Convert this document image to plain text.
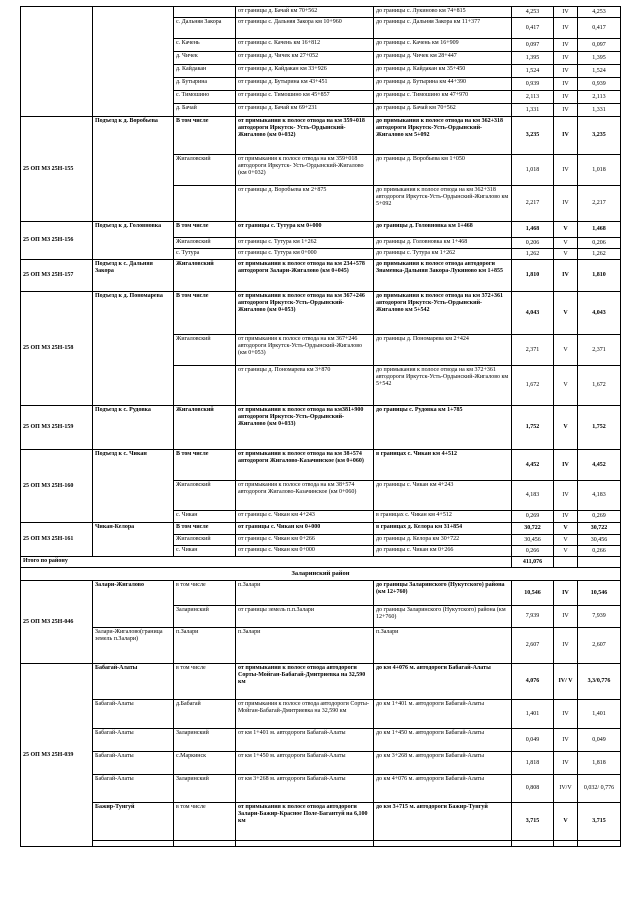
			от границы д. Бачай км 70+562	до границы с. Лукиново км 74+815	4,253	IV	4,253
		с. Дальняя Закора	от границы с. Дальняя Закора км 10+960	до границы с. Дальняя Закора км 11+377	0,417	IV	0,417
		с. Качень	от границы с. Качень км 16+812	до границы с. Качень км 16+909	0,097	IV	0,097
		д. Чичек	от границы д. Чичек км 27+052	до границы д. Чичек км 28+447	1,395	IV	1,395
		д. Кайдакан	от границы д. Кайдакан км 33+926	до границы д. Кайдакан км 35+450	1,524	IV	1,524
		д. Бутырина	от границы д. Бутырина км 43+451	до границы д. Бутырина км 44+390	0,939	IV	0,939
		с. Тимошино	от границы с. Тимошино км 45+857	до границы с. Тимошино км 47+970	2,113	IV	2,113
		д. Бачай	от границы д. Бачай км 69+231	до границы д. Бачай км 70+562	1,331	IV	1,331
25 ОП МЗ 25Н-155	Подъезд к д. Воробьева	В том числе	от примыкания к полосе отвода на км 359+018 автодороги Иркутск- Усть-Ордынский-Жигалово (км 0+032)	до примыкания к полосе отвода на км 362+318 автодороги Иркутск-Усть-Ордынский-Жигалово км 5+092	3,235	IV	3,235
		Жигаловский	от примыкания к полосе отвода на км 359+018 автодороги Иркутск- Усть-Ордынский-Жигалово (км 0+032)	до границы д. Воробьева км 1+050	1,018	IV	1,018
			от границы д. Воробьева км 2+875	до примыкания к полосе отвода на км 362+318 автодороги Иркутск-Усть-Ордынский-Жигалово км 5+092	2,217	IV	2,217
25 ОП МЗ 25Н-156	Подъезд к д. Головновка	В том числе	от границы с. Тутура км 0+000	до границы д. Головновка км 1+468	1,468	V	1,468
		Жигаловский	от границы с. Тутура км 1+262	до границы д. Головновка км 1+468	0,206	V	0,206
		с. Тутура	от границы с. Тутура км 0+000	до границы с. Тутура км 1+262	1,262	V	1,262
25 ОП МЗ 25Н-157	Подъезд к с. Дальняя Закора	Жигаловский	от примыкания к полосе отвода на км 234+578 автодороги Залари-Жигалово (км 0+045)	до примыкания к полосе отвода автодороги Знаменка-Дальняя Закора-Лукиново км 1+855	1,810	IV	1,810
25 ОП МЗ 25Н-158	Подъезд к д. Пономарева	В том числе	от примыкания к полосе отвода на км 367+246 автодороги Иркутск-Усть-Ордынский-Жигалово (км 0+053)	до примыкания к полосе отвода на км 372+361 автодороги Иркутск-Усть-Ордынский-Жигалово км 5+542	4,043	V	4,043
		Жигаловский	от примыкания к полосе отвода на км 367+246 автодороги Иркутск-Усть-Ордынский-Жигалово (км 0+053)	до границы д. Пономарева км 2+424	2,371	V	2,371
			от границы д. Пономарева км 3+870	до примыкания к полосе отвода на км 372+361 автодороги Иркутск-Усть-Ордынский-Жигалово км 5+542	1,672	V	1,672
25 ОП МЗ 25Н-159	Подъезд к с. Рудовка	Жигаловский	от примыкания к полосе отвода на км381+900 автодороги Иркутск-Усть-Ордынский-Жигалово (км 0+033)	до границы с. Рудовка км 1+785	1,752	V	1,752
25 ОП МЗ 25Н-160	Подъезд к с. Чикан	В том числе	от примыкания к полосе отвода на км 38+574 автодороги Жигалово-Казачинское (км 0+060)	в границах с. Чикан км 4+512	4,452	IV	4,452
		Жигаловский	от примыкания к полосе отвода на км 38+574 автодороги Жигалово-Казачинское (км 0+060)	до границы с. Чикан км 4+243	4,183	IV	4,183
		с. Чикан	от границы с. Чикан км 4+243	в границах с. Чикан км 4+512	0,269	IV	0,269
25 ОП МЗ 25Н-161	Чикан-Келора	В том числе	от границы с. Чикан км 0+000	в границах д. Келора км 31+854	30,722	V	30,722
		Жигаловский	от границы с. Чикан км 0+266	до границы д. Келора км 30+722	30,456	V	30,456
		с. Чикан	от границы с. Чикан км 0+000	до границы с. Чикан км 0+266	0,266	V	0,266
Итого по району					411,076		
Заларинский район							
25 ОП МЗ 25Н-046	Залари-Жигалово	в том числе	п.Залари	до границы Заларинского (Нукутского) района (км 12+760)	10,546	IV	10,546
		Заларинский	от границы земель п.п.Залари	до границы Заларинского (Нукутского) района (км 12+760)	7,939	IV	7,939
	Залари-Жигалово(граница земель п.Залари)	п.Залари	п.Залари	п.Залари	2,607	IV	2,607
25 ОП МЗ 25Н-039	Бабагай-Алаты	в том числе	от примыкания к полосе отвода автодороги Сорты-Мойган-Бабагай-Дмитриевка на 32,590 км	до км 4+076 м. автодороги Бабагай-Алаты	4,076	IV/ V	3,3/0,776
	Бабагай-Алаты	д.Бабагай	от примыкания к полосе отвода автодороги Сорты-Мойган-Бабагай-Дмитриевка на 32,590 км	до км 1+401 м. автодороги Бабагай-Алаты	1,401	IV	1,401
	Бабагай-Алаты	Заларинский	от км 1+401 м. автодороги Бабагай-Алаты	до км 1+450 м. автодороги Бабагай-Алаты	0,049	IV	0,049
	Бабагай-Алаты	с.Маркинск	от км 1+450 м. автодороги Бабагай-Алаты	до км 3+268 м. автодороги Бабагай-Алаты	1,818	IV	1,818
	Бабагай-Алаты	Заларинский	от км 3+268 м. автодороги Бабагай-Алаты	до км 4+076 м. автодороги Бабагай-Алаты	0,808	IV/V	0,032/ 0,776
	Бажир-Тунгуй	в том числе	от примыкания к полосе отвода автодороги Залари-Бажир-Красное Поле-Багантуй на 6,100 км	до км 3+715 м. автодороги Бажир-Тунгуй	3,715	V	3,715
